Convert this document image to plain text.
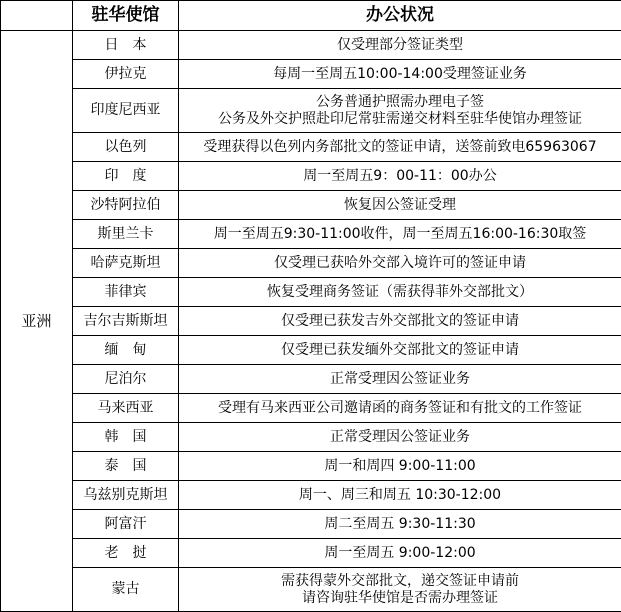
	驻华使馆	办公状况
亚洲	日　本	仅受理部分签证类型

	伊拉克	每周一至周五10:00-14:00受理签证业务

	印度尼西亚	公务普通护照需办理电子签
公务及外交护照赴印尼常驻需递交材料至驻华使馆办理签证

	以色列	受理获得以色列内务部批文的签证申请，送签前致电65963067

	印　度	周一至周五9：00-11：00办公

	沙特阿拉伯	恢复因公签证受理

	斯里兰卡	周一至周五9:30-11:00收件，周一至周五16:00-16:30取签

	哈萨克斯坦	仅受理已获哈外交部入境许可的签证申请

	菲律宾	恢复受理商务签证（需获得菲外交部批文）

	吉尔吉斯斯坦	仅受理已获发吉外交部批文的签证申请

	缅　甸	仅受理已获发缅外交部批文的签证申请

	尼泊尔	正常受理因公签证业务

	马来西亚	受理有马来西亚公司邀请函的商务签证和有批文的工作签证

	韩　国	正常受理因公签证业务

	泰　国	周一和周四 9:00-11:00

	乌兹别克斯坦	周一、周三和周五 10:30-12:00

	阿富汗	周二至周五 9:30-11:30

	老　挝	周一至周五 9:00-12:00

	蒙古	需获得蒙外交部批文，递交签证申请前
请咨询驻华使馆是否需办理签证
